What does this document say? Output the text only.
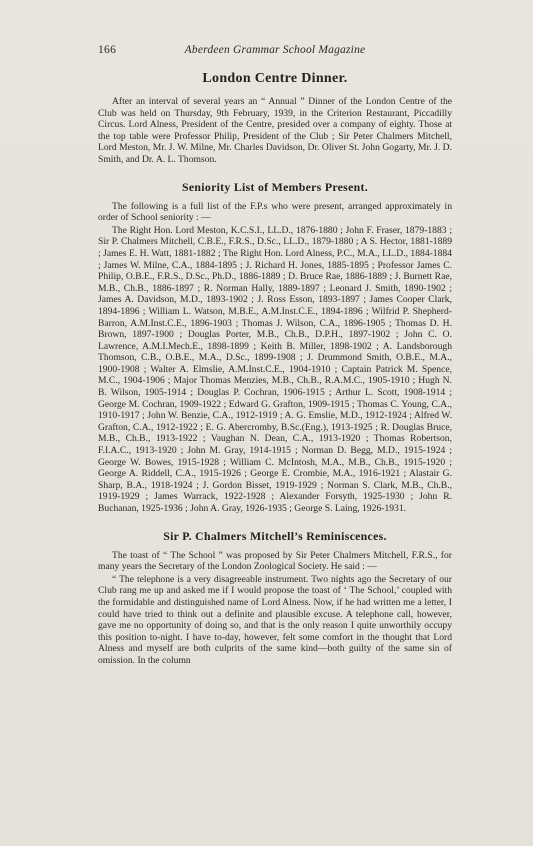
166	Aberdeen Grammar School Magazine
London Centre Dinner.

After an interval of several years an “ Annual ” Dinner of the London Centre of the Club was held on Thursday, 9th February, 1939, in the Criterion Restaurant, Piccadilly Circus. Lord Alness, President of the Centre, presided over a company of eighty. Those at the top table were Professor Philip, President of the Club ; Sir Peter Chalmers Mitchell, Lord Meston, Mr. J. W. Milne, Mr. Charles Davidson, Dr. Oliver St. John Gogarty, Mr. J. D. Smith, and Dr. A. L. Thomson.

Seniority List of Members Present.

The following is a full list of the F.P.s who were present, arranged approximately in order of School seniority : —

The Right Hon. Lord Meston, K.C.S.I., LL.D., 1876-1880 ; John F. Fraser, 1879-1883 ; Sir P. Chalmers Mitchell, C.B.E., F.R.S., D.Sc., LL.D., 1879-1880 ; A S. Hector, 1881-1889 ; James E. H. Watt, 1881-1882 ; The Right Hon. Lord Alness, P.C., M.A., LL.D., 1884-1884 ; James W. Milne, C.A., 1884-1895 ; J. Richard H. Jones, 1885-1895 ; Professor James C. Philip, O.B.E., F.R.S., D.Sc., Ph.D., 1886-1889 ; D. Bruce Rae, 1886-1889 ; J. Burnett Rae, M.B., Ch.B., 1886-1897 ; R. Norman Hally, 1889-1897 ; Leonard J. Smith, 1890-1902 ; James A. Davidson, M.D., 1893-1902 ; J. Ross Esson, 1893-1897 ; James Cooper Clark, 1894-1896 ; William L. Watson, M.B.E., A.M.Inst.C.E., 1894-1896 ; Wilfrid P. Shepherd-Barron, A.M.Inst.C.E., 1896-1903 ; Thomas J. Wilson, C.A., 1896-1905 ; Thomas D. H. Brown, 1897-1900 ; Douglas Porter, M.B., Ch.B., D.P.H., 1897-1902 ; John C. O. Lawrence, A.M.I.Mech.E., 1898-1899 ; Keith B. Miller, 1898-1902 ; A. Landsborough Thomson, C.B., O.B.E., M.A., D.Sc., 1899-1908 ; J. Drummond Smith, O.B.E., M.A., 1900-1908 ; Walter A. Elmslie, A.M.Inst.C.E., 1904-1910 ; Captain Patrick M. Spence, M.C., 1904-1906 ; Major Thomas Menzies, M.B., Ch.B., R.A.M.C., 1905-1910 ; Hugh N. B. Wilson, 1905-1914 ; Douglas P. Cochran, 1906-1915 ; Arthur L. Scott, 1908-1914 ; George M. Cochran, 1909-1922 ; Edward G. Grafton, 1909-1915 ; Thomas C. Young, C.A., 1910-1917 ; John W. Benzie, C.A., 1912-1919 ; A. G. Emslie, M.D., 1912-1924 ; Alfred W. Grafton, C.A., 1912-1922 ; E. G. Abercromby, B.Sc.(Eng.), 1913-1925 ; R. Douglas Bruce, M.B., Ch.B., 1913-1922 ; Vaughan N. Dean, C.A., 1913-1920 ; Thomas Robertson, F.I.A.C., 1913-1920 ; John M. Gray, 1914-1915 ; Norman D. Begg, M.D., 1915-1924 ; George W. Bowes, 1915-1928 ; William C. McIntosh, M.A., M.B., Ch.B., 1915-1920 ; George A. Riddell, C.A., 1915-1926 ; George E. Crombie, M.A., 1916-1921 ; Alastair G. Sharp, B.A., 1918-1924 ; J. Gordon Bisset, 1919-1929 ; Norman S. Clark, M.B., Ch.B., 1919-1929 ; James Warrack, 1922-1928 ; Alexander Forsyth, 1925-1930 ; John R. Buchanan, 1925-1936 ; John A. Gray, 1926-1935 ; George S. Laing, 1926-1931.

Sir P. Chalmers Mitchell’s Reminiscences.

The toast of “ The School ” was proposed by Sir Peter Chalmers Mitchell, F.R.S., for many years the Secretary of the London Zoological Society. He said : —

“ The telephone is a very disagreeable instrument. Two nights ago the Secretary of our Club rang me up and asked me if I would propose the toast of ‘ The School,’ coupled with the formidable and distinguished name of Lord Alness. Now, if he had written me a letter, I could have tried to think out a definite and plausible excuse. A telephone call, however, gave me no opportunity of doing so, and that is the only reason I quite unworthily occupy this position to-night. I have to-day, however, felt some comfort in the thought that Lord Alness and myself are both culprits of the same kind—both guilty of the same sin of omission. In the column
